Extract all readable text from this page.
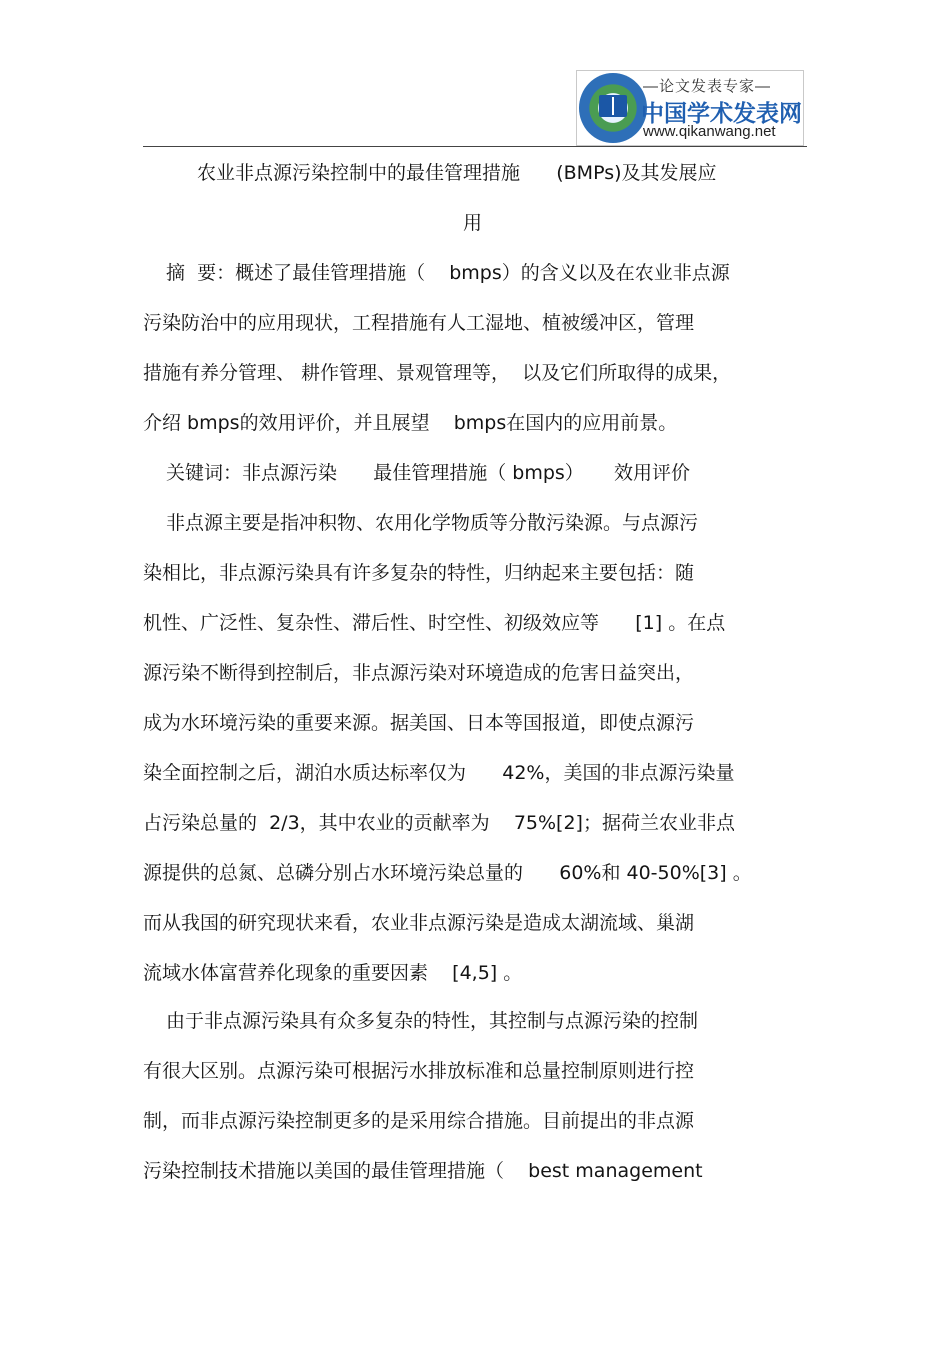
—论文发表专家—
中国学术发表网
www.qikanwang.net
农业非点源污染控制中的最佳管理措施      (BMPs)及其发展应
用
摘  要：概述了最佳管理措施（    bmps）的含义以及在农业非点源
污染防治中的应用现状，工程措施有人工湿地、植被缓冲区，管理
措施有养分管理、 耕作管理、景观管理等，  以及它们所取得的成果，
介绍 bmps的效用评价，并且展望    bmps在国内的应用前景。
关键词：非点源污染      最佳管理措施（ bmps）     效用评价
非点源主要是指冲积物、农用化学物质等分散污染源。与点源污
染相比，非点源污染具有许多复杂的特性，归纳起来主要包括：随
机性、广泛性、复杂性、滞后性、时空性、初级效应等      [1] 。在点
源污染不断得到控制后，非点源污染对环境造成的危害日益突出，
成为水环境污染的重要来源。据美国、日本等国报道，即使点源污
染全面控制之后，湖泊水质达标率仅为      42%，美国的非点源污染量
占污染总量的  2/3，其中农业的贡献率为    75%[2]；据荷兰农业非点
源提供的总氮、总磷分别占水环境污染总量的      60%和 40-50%[3] 。
而从我国的研究现状来看，农业非点源污染是造成太湖流域、巢湖
流域水体富营养化现象的重要因素    [4,5] 。
由于非点源污染具有众多复杂的特性，其控制与点源污染的控制
有很大区别。点源污染可根据污水排放标准和总量控制原则进行控
制，而非点源污染控制更多的是采用综合措施。目前提出的非点源
污染控制技术措施以美国的最佳管理措施（    best management
